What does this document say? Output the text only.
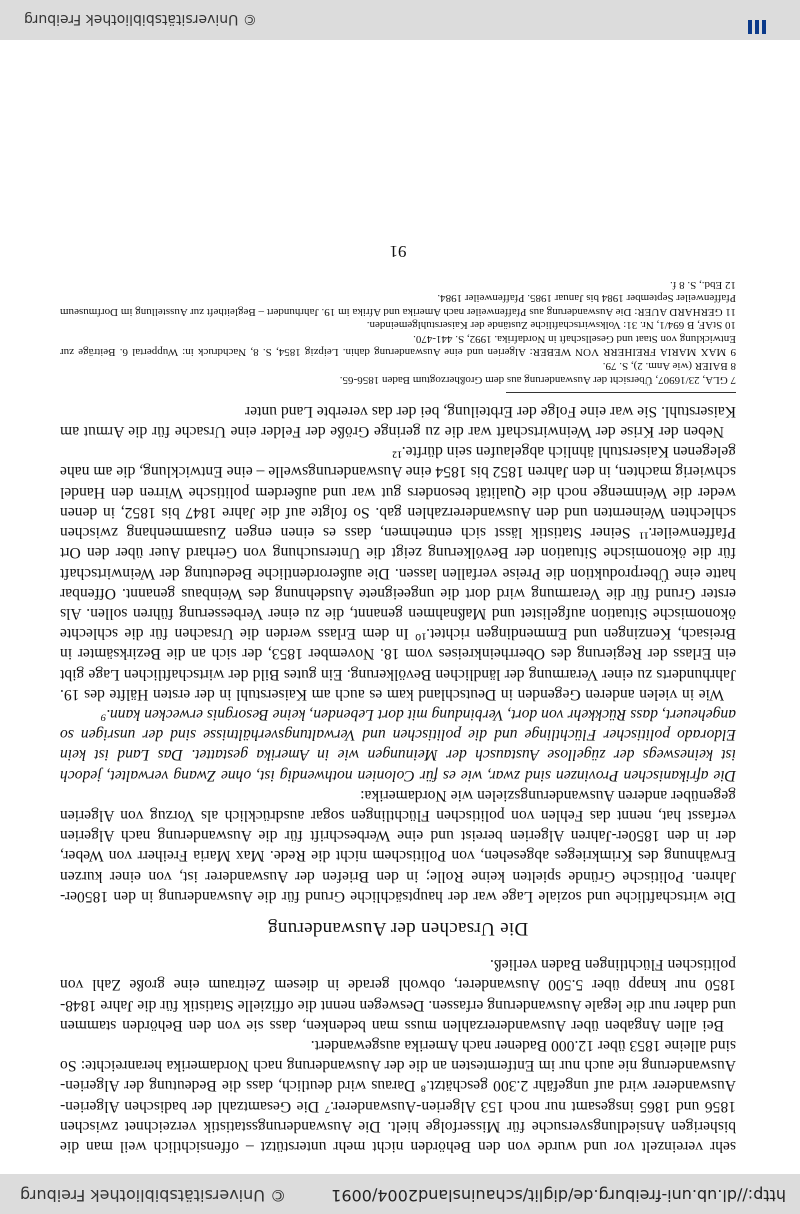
http://dl.ub.uni-freiburg.de/diglit/schauinsland2004/0091
© Universitätsbibliothek Freiburg

sehr vereinzelt vor und wurde von den Behörden nicht mehr unterstützt – offensichtlich weil man die bisherigen Ansiedlungsversuche für Misserfolge hielt. Die Auswanderungsstatistik verzeichnet zwischen 1856 und 1865 insgesamt nur noch 153 Algerien-Auswanderer.⁷ Die Gesamtzahl der badischen Algerien-Auswanderer wird auf ungefähr 2.300 geschätzt.⁸ Daraus wird deutlich, dass die Bedeutung der Algerien-Auswanderung nie auch nur im Entferntesten an die der Auswanderung nach Nordamerika heranreichte: So sind alleine 1853 über 12.000 Badener nach Amerika ausgewandert.

Bei allen Angaben über Auswandererzahlen muss man bedenken, dass sie von den Behörden stammen und daher nur die legale Auswanderung erfassen. Deswegen nennt die offizielle Statistik für die Jahre 1848-1850 nur knapp über 5.500 Auswanderer, obwohl gerade in diesem Zeitraum eine große Zahl von politischen Flüchtlingen Baden verließ.

Die Ursachen der Auswanderung

Die wirtschaftliche und soziale Lage war der hauptsächliche Grund für die Auswanderung in den 1850er-Jahren. Politische Gründe spielten keine Rolle; in den Briefen der Auswanderer ist, von einer kurzen Erwähnung des Krimkrieges abgesehen, von Politischem nicht die Rede. Max Maria Freiherr von Weber, der in den 1850er-Jahren Algerien bereist und eine Werbeschrift für die Auswanderung nach Algerien verfasst hat, nennt das Fehlen von politischen Flüchtlingen sogar ausdrücklich als Vorzug von Algerien gegenüber anderen Auswanderungszielen wie Nordamerika:

Die afrikanischen Provinzen sind zwar, wie es für Colonien nothwendig ist, ohne Zwang verwaltet, jedoch ist keineswegs der zügellose Austausch der Meinungen wie in Amerika gestattet. Das Land ist kein Eldorado politischer Flüchtlinge und die politischen und Verwaltungsverhältnisse sind der unsrigen so angeheuert, dass Rückkehr von dort, Verbindung mit dort Lebenden, keine Besorgnis erwecken kann.⁹

Wie in vielen anderen Gegenden in Deutschland kam es auch am Kaiserstuhl in der ersten Hälfte des 19. Jahrhunderts zu einer Verarmung der ländlichen Bevölkerung. Ein gutes Bild der wirtschaftlichen Lage gibt ein Erlass der Regierung des Oberrheinkreises vom 18. November 1853, der sich an die Bezirksämter in Breisach, Kenzingen und Emmendingen richtet.¹⁰ In dem Erlass werden die Ursachen für die schlechte ökonomische Situation aufgelistet und Maßnahmen genannt, die zu einer Verbesserung führen sollen. Als erster Grund für die Verarmung wird dort die ungeeignete Ausdehnung des Weinbaus genannt. Offenbar hatte eine Überproduktion die Preise verfallen lassen. Die außerordentliche Bedeutung der Weinwirtschaft für die ökonomische Situation der Bevölkerung zeigt die Untersuchung von Gerhard Auer über den Ort Pfaffenweiler.¹¹ Seiner Statistik lässt sich entnehmen, dass es einen engen Zusammenhang zwischen schlechten Weinernten und den Auswandererzahlen gab. So folgte auf die Jahre 1847 bis 1852, in denen weder die Weinmenge noch die Qualität besonders gut war und außerdem politische Wirren den Handel schwierig machten, in den Jahren 1852 bis 1854 eine Auswanderungswelle – eine Entwicklung, die am nahe gelegenen Kaiserstuhl ähnlich abgelaufen sein dürfte.¹²

Neben der Krise der Weinwirtschaft war die zu geringe Größe der Felder eine Ursache für die Armut am Kaiserstuhl. Sie war eine Folge der Erbteilung, bei der das vererbte Land unter

7 GLA, 23/16907, Übersicht der Auswanderung aus dem Großherzogtum Baden 1856-65.

8 BAIER (wie Anm. 2), S. 79.

9 MAX MARIA FREIHERR VON WEBER: Algerien und eine Auswanderung dahin. Leipzig 1854, S. 8, Nachdruck in: Wuppertal 6. Beiträge zur Entwicklung von Staat und Gesellschaft in Nordafrika. 1992, S. 441-470.

10 StAF, B 694/1, Nr. 31: Volkswirtschaftliche Zustände der Kaiserstuhlgemeinden.

11 GERHARD AUER: Die Auswanderung aus Pfaffenweiler nach Amerika und Afrika im 19. Jahrhundert – Begleitheft zur Ausstellung im Dorfmuseum Pfaffenweiler September 1984 bis Januar 1985. Pfaffenweiler 1984.

12 Ebd., S. 8 f.

91
© Universitätsbibliothek Freiburg
